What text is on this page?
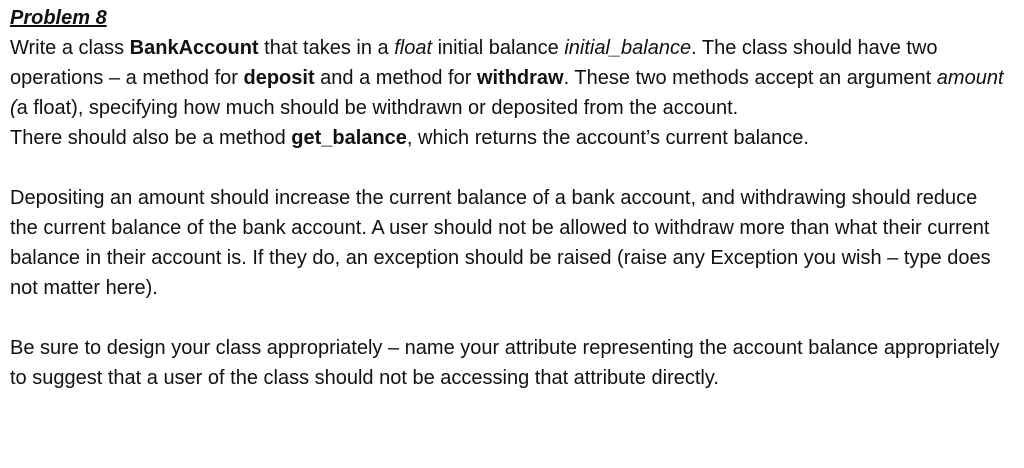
Problem 8

Write a class BankAccount that takes in a float initial balance initial_balance. The class should have two operations – a method for deposit and a method for withdraw. These two methods accept an argument amount (a float), specifying how much should be withdrawn or deposited from the account.

There should also be a method get_balance, which returns the account’s current balance.

Depositing an amount should increase the current balance of a bank account, and withdrawing should reduce the current balance of the bank account. A user should not be allowed to withdraw more than what their current balance in their account is. If they do, an exception should be raised (raise any Exception you wish – type does not matter here).

Be sure to design your class appropriately – name your attribute representing the account balance appropriately to suggest that a user of the class should not be accessing that attribute directly.
